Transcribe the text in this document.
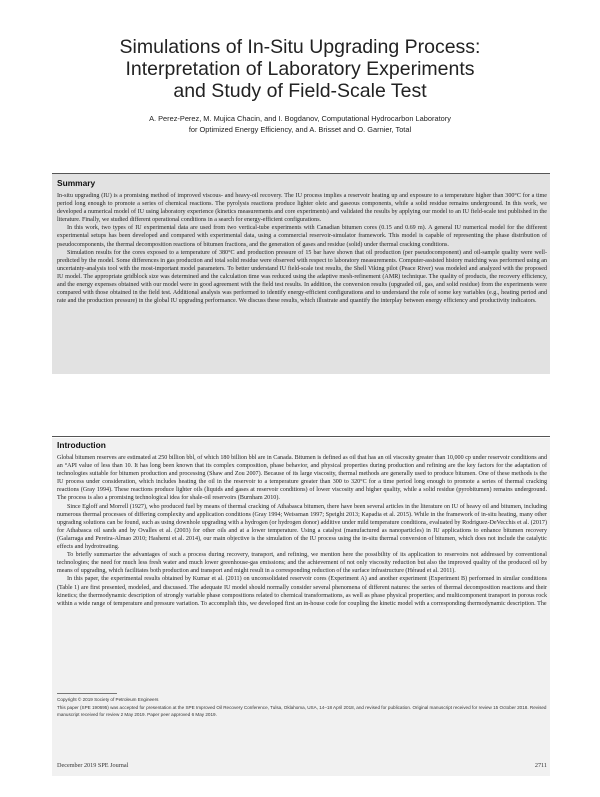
Simulations of In-Situ Upgrading Process:
Interpretation of Laboratory Experiments
and Study of Field-Scale Test
A. Perez-Perez, M. Mujica Chacin, and I. Bogdanov, Computational Hydrocarbon Laboratory
for Optimized Energy Efficiency, and A. Brisset and O. Garnier, Total
Summary

In-situ upgrading (IU) is a promising method of improved viscous- and heavy-oil recovery. The IU process implies a reservoir heating up and exposure to a temperature higher than 300°C for a time period long enough to promote a series of chemical reactions. The pyrolysis reactions produce lighter oleic and gaseous components, while a solid residue remains underground. In this work, we developed a numerical model of IU using laboratory experience (kinetics measurements and core experiments) and validated the results by applying our model to an IU field-scale test published in the literature. Finally, we studied different operational conditions in a search for energy-efficient configurations.

In this work, two types of IU experimental data are used from two vertical-tube experiments with Canadian bitumen cores (0.15 and 0.69 m). A general IU numerical model for the different experimental setups has been developed and compared with experimental data, using a commercial reservoir-simulator framework. This model is capable of representing the phase distribution of pseudocomponents, the thermal decomposition reactions of bitumen fractions, and the generation of gases and residue (solid) under thermal cracking conditions.

Simulation results for the cores exposed to a temperature of 380°C and production pressure of 15 bar have shown that oil production (per pseudocomponent) and oil-sample quality were well-predicted by the model. Some differences in gas production and total solid residue were observed with respect to laboratory measurements. Computer-assisted history matching was performed using an uncertainty-analysis tool with the most-important model parameters. To better understand IU field-scale test results, the Shell Viking pilot (Peace River) was modeled and analyzed with the proposed IU model. The appropriate gridblock size was determined and the calculation time was reduced using the adaptive mesh-refinement (AMR) technique. The quality of products, the recovery efficiency, and the energy expenses obtained with our model were in good agreement with the field test results. In addition, the conversion results (upgraded oil, gas, and solid residue) from the experiments were compared with those obtained in the field test. Additional analysis was performed to identify energy-efficient configurations and to understand the role of some key variables (e.g., heating period and rate and the production pressure) in the global IU upgrading performance. We discuss these results, which illustrate and quantify the interplay between energy efficiency and productivity indicators.

Introduction

Global bitumen reserves are estimated at 250 billion bbl, of which 180 billion bbl are in Canada. Bitumen is defined as oil that has an oil viscosity greater than 10,000 cp under reservoir conditions and an °API value of less than 10. It has long been known that its complex composition, phase behavior, and physical properties during production and refining are the key factors for the adaptation of technologies suitable for bitumen production and processing (Shaw and Zou 2007). Because of its large viscosity, thermal methods are generally used to produce bitumen. One of these methods is the IU process under consideration, which includes heating the oil in the reservoir to a temperature greater than 300 to 320°C for a time period long enough to promote a series of thermal cracking reactions (Gray 1994). These reactions produce lighter oils (liquids and gases at reservoir conditions) of lower viscosity and higher quality, while a solid residue (pyrobitumen) remains underground. The process is also a promising technological idea for shale-oil reservoirs (Burnham 2010).

Since Egloff and Morrell (1927), who produced fuel by means of thermal cracking of Athabasca bitumen, there have been several articles in the literature on IU of heavy oil and bitumen, including numerous thermal processes of differing complexity and application conditions (Gray 1994; Weissman 1997; Speight 2013; Kapadia et al. 2015). While in the framework of in-situ heating, many other upgrading solutions can be found, such as using downhole upgrading with a hydrogen (or hydrogen donor) additive under mild temperature conditions, evaluated by Rodriguez-DeVecchis et al. (2017) for Athabasca oil sands and by Ovalles et al. (2003) for other oils and at a lower temperature. Using a catalyst (manufactured as nanoparticles) in IU applications to enhance bitumen recovery (Galarraga and Pereira-Almao 2010; Hashemi et al. 2014), our main objective is the simulation of the IU process using the in-situ thermal conversion of bitumen, which does not include the catalytic effects and hydrotreating.

To briefly summarize the advantages of such a process during recovery, transport, and refining, we mention here the possibility of its application to reservoirs not addressed by conventional technologies; the need for much less fresh water and much lower greenhouse-gas emissions; and the achievement of not only viscosity reduction but also the improved quality of the produced oil by means of upgrading, which facilitates both production and transport and might result in a corresponding reduction of the surface infrastructure (Héraud et al. 2011).

In this paper, the experimental results obtained by Kumar et al. (2011) on unconsolidated reservoir cores (Experiment A) and another experiment (Experiment B) performed in similar conditions (Table 1) are first presented, modeled, and discussed. The adequate IU model should normally consider several phenomena of different natures: the series of thermal decomposition reactions and their kinetics; the thermodynamic description of strongly variable phase compositions related to chemical transformations, as well as phase physical properties; and multicomponent transport in porous rock within a wide range of temperature and pressure variation. To accomplish this, we developed first an in-house code for coupling the kinetic model with a corresponding thermodynamic description. The

Copyright © 2019 Society of Petroleum Engineers
This paper (SPE 190695) was accepted for presentation at the SPE Improved Oil Recovery Conference, Tulsa, Oklahoma, USA, 14–18 April 2018, and revised for publication. Original manuscript received for review 15 October 2018. Revised manuscript received for review 2 May 2019. Paper peer approved 6 May 2019.
December 2019 SPE Journal	2711
